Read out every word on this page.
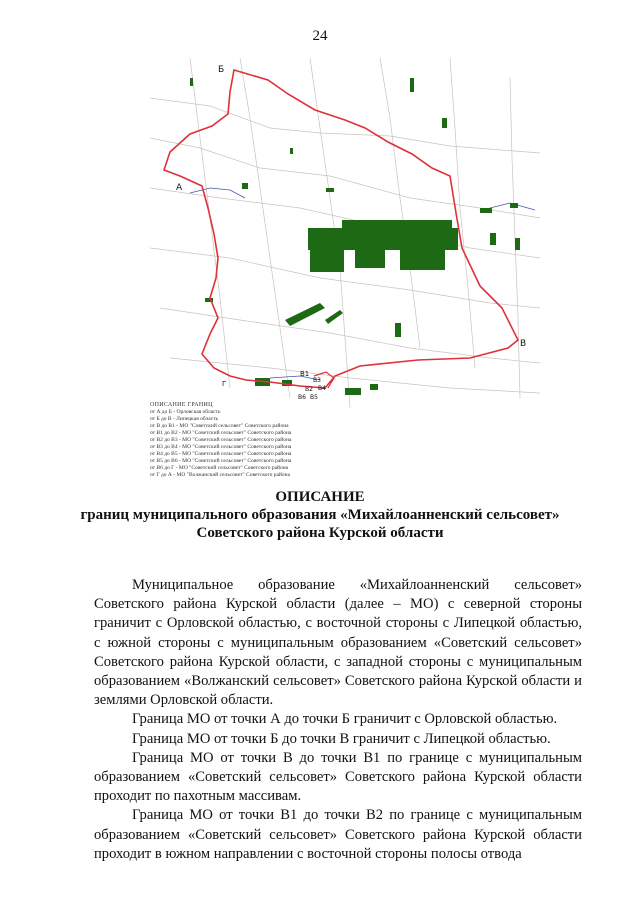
24
Б
А
В
В1
В2
В3
В4
В5
В6
Г
ОПИСАНИЕ ГРАНИЦ
от А до Б - Орловская область
от Б до В - Липецкая область
от В до В1 - МО "Советский сельсовет" Советского района
от В1 до В2 - МО "Советский сельсовет" Советского района
от В2 до В3 - МО "Советский сельсовет" Советского района
от В3 до В4 - МО "Советский сельсовет" Советского района
от В4 до В5 - МО "Советский сельсовет" Советского района
от В5 до В6 - МО "Советский сельсовет" Советского района
от В6 до Г - МО "Советский сельсовет" Советского района
от Г до А - МО "Волжанский сельсовет" Советского района
ОПИСАНИЕ
границ муниципального образования «Михайлоанненский сельсовет»
Советского района Курской области

Муниципальное образование «Михайлоанненский сельсовет» Советского района Курской области (далее – МО) с северной стороны граничит с Орловской областью, с восточной стороны с Липецкой областью, с южной стороны с муниципальным образованием «Советский сельсовет» Советского района Курской области, с западной стороны с муниципальным образованием «Волжанский сельсовет» Советского района Курской области и землями Орловской области.

Граница МО от точки А до точки Б граничит с Орловской областью.

Граница МО от точки Б до точки В граничит с Липецкой областью.

Граница МО от точки В до точки В1 по границе с муниципальным образованием «Советский сельсовет» Советского района Курской области проходит по пахотным массивам.

Граница МО от точки В1 до точки В2 по границе с муниципальным образованием «Советский сельсовет» Советского района Курской области проходит в южном направлении с восточной стороны полосы отвода
